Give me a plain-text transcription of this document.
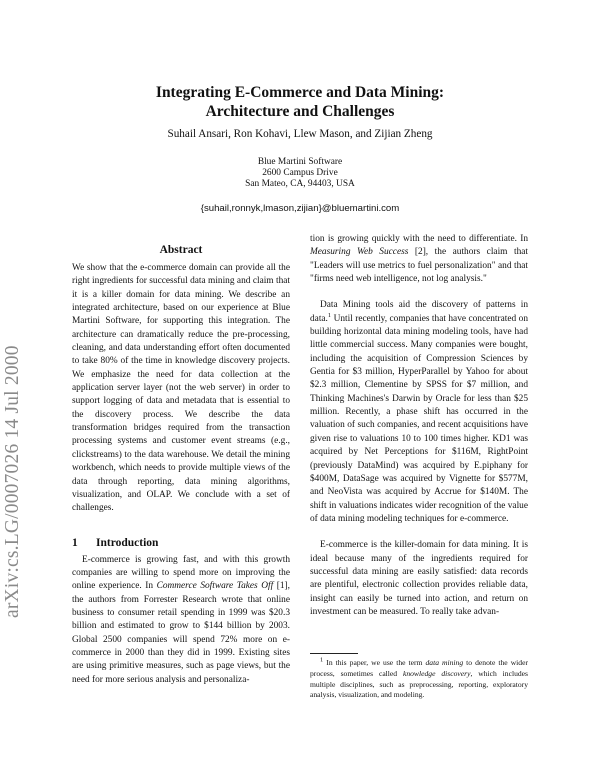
arXiv:cs.LG/0007026 14 Jul 2000
Integrating E-Commerce and Data Mining:
Architecture and Challenges
Suhail Ansari, Ron Kohavi, Llew Mason, and Zijian Zheng
Blue Martini Software
2600 Campus Drive
San Mateo, CA, 94403, USA
{suhail,ronnyk,lmason,zijian}@bluemartini.com
Abstract

We show that the e-commerce domain can provide all the right ingredients for successful data mining and claim that it is a killer domain for data mining. We describe an integrated architecture, based on our experience at Blue Martini Software, for supporting this integration. The architecture can dramatically reduce the pre-processing, cleaning, and data understanding effort often documented to take 80% of the time in knowledge discovery projects. We emphasize the need for data collection at the application server layer (not the web server) in order to support logging of data and metadata that is essential to the discovery process. We describe the data transformation bridges required from the transaction processing systems and customer event streams (e.g., clickstreams) to the data warehouse. We detail the mining workbench, which needs to provide multiple views of the data through reporting, data mining algorithms, visualization, and OLAP. We conclude with a set of challenges.

1 Introduction

E-commerce is growing fast, and with this growth companies are willing to spend more on improving the online experience. In Commerce Software Takes Off [1], the authors from Forrester Research wrote that online business to consumer retail spending in 1999 was $20.3 billion and estimated to grow to $144 billion by 2003. Global 2500 companies will spend 72% more on e-commerce in 2000 than they did in 1999. Existing sites are using primitive measures, such as page views, but the need for more serious analysis and personaliza-

tion is growing quickly with the need to differentiate. In Measuring Web Success [2], the authors claim that "Leaders will use metrics to fuel personalization" and that "firms need web intelligence, not log analysis."

Data Mining tools aid the discovery of patterns in data.$^1$ Until recently, companies that have concentrated on building horizontal data mining modeling tools, have had little commercial success. Many companies were bought, including the acquisition of Compression Sciences by Gentia for $3 million, HyperParallel by Yahoo for about $2.3 million, Clementine by SPSS for $7 million, and Thinking Machines's Darwin by Oracle for less than $25 million. Recently, a phase shift has occurred in the valuation of such companies, and recent acquisitions have given rise to valuations 10 to 100 times higher. KD1 was acquired by Net Perceptions for $116M, RightPoint (previously DataMind) was acquired by E.piphany for $400M, DataSage was acquired by Vignette for $577M, and NeoVista was acquired by Accrue for $140M. The shift in valuations indicates wider recognition of the value of data mining modeling techniques for e-commerce.

E-commerce is the killer-domain for data mining. It is ideal because many of the ingredients required for successful data mining are easily satisfied: data records are plentiful, electronic collection provides reliable data, insight can easily be turned into action, and return on investment can be measured. To really take advan-

$^1$ In this paper, we use the term data mining to denote the wider process, sometimes called knowledge discovery, which includes multiple disciplines, such as preprocessing, reporting, exploratory analysis, visualization, and modeling.
